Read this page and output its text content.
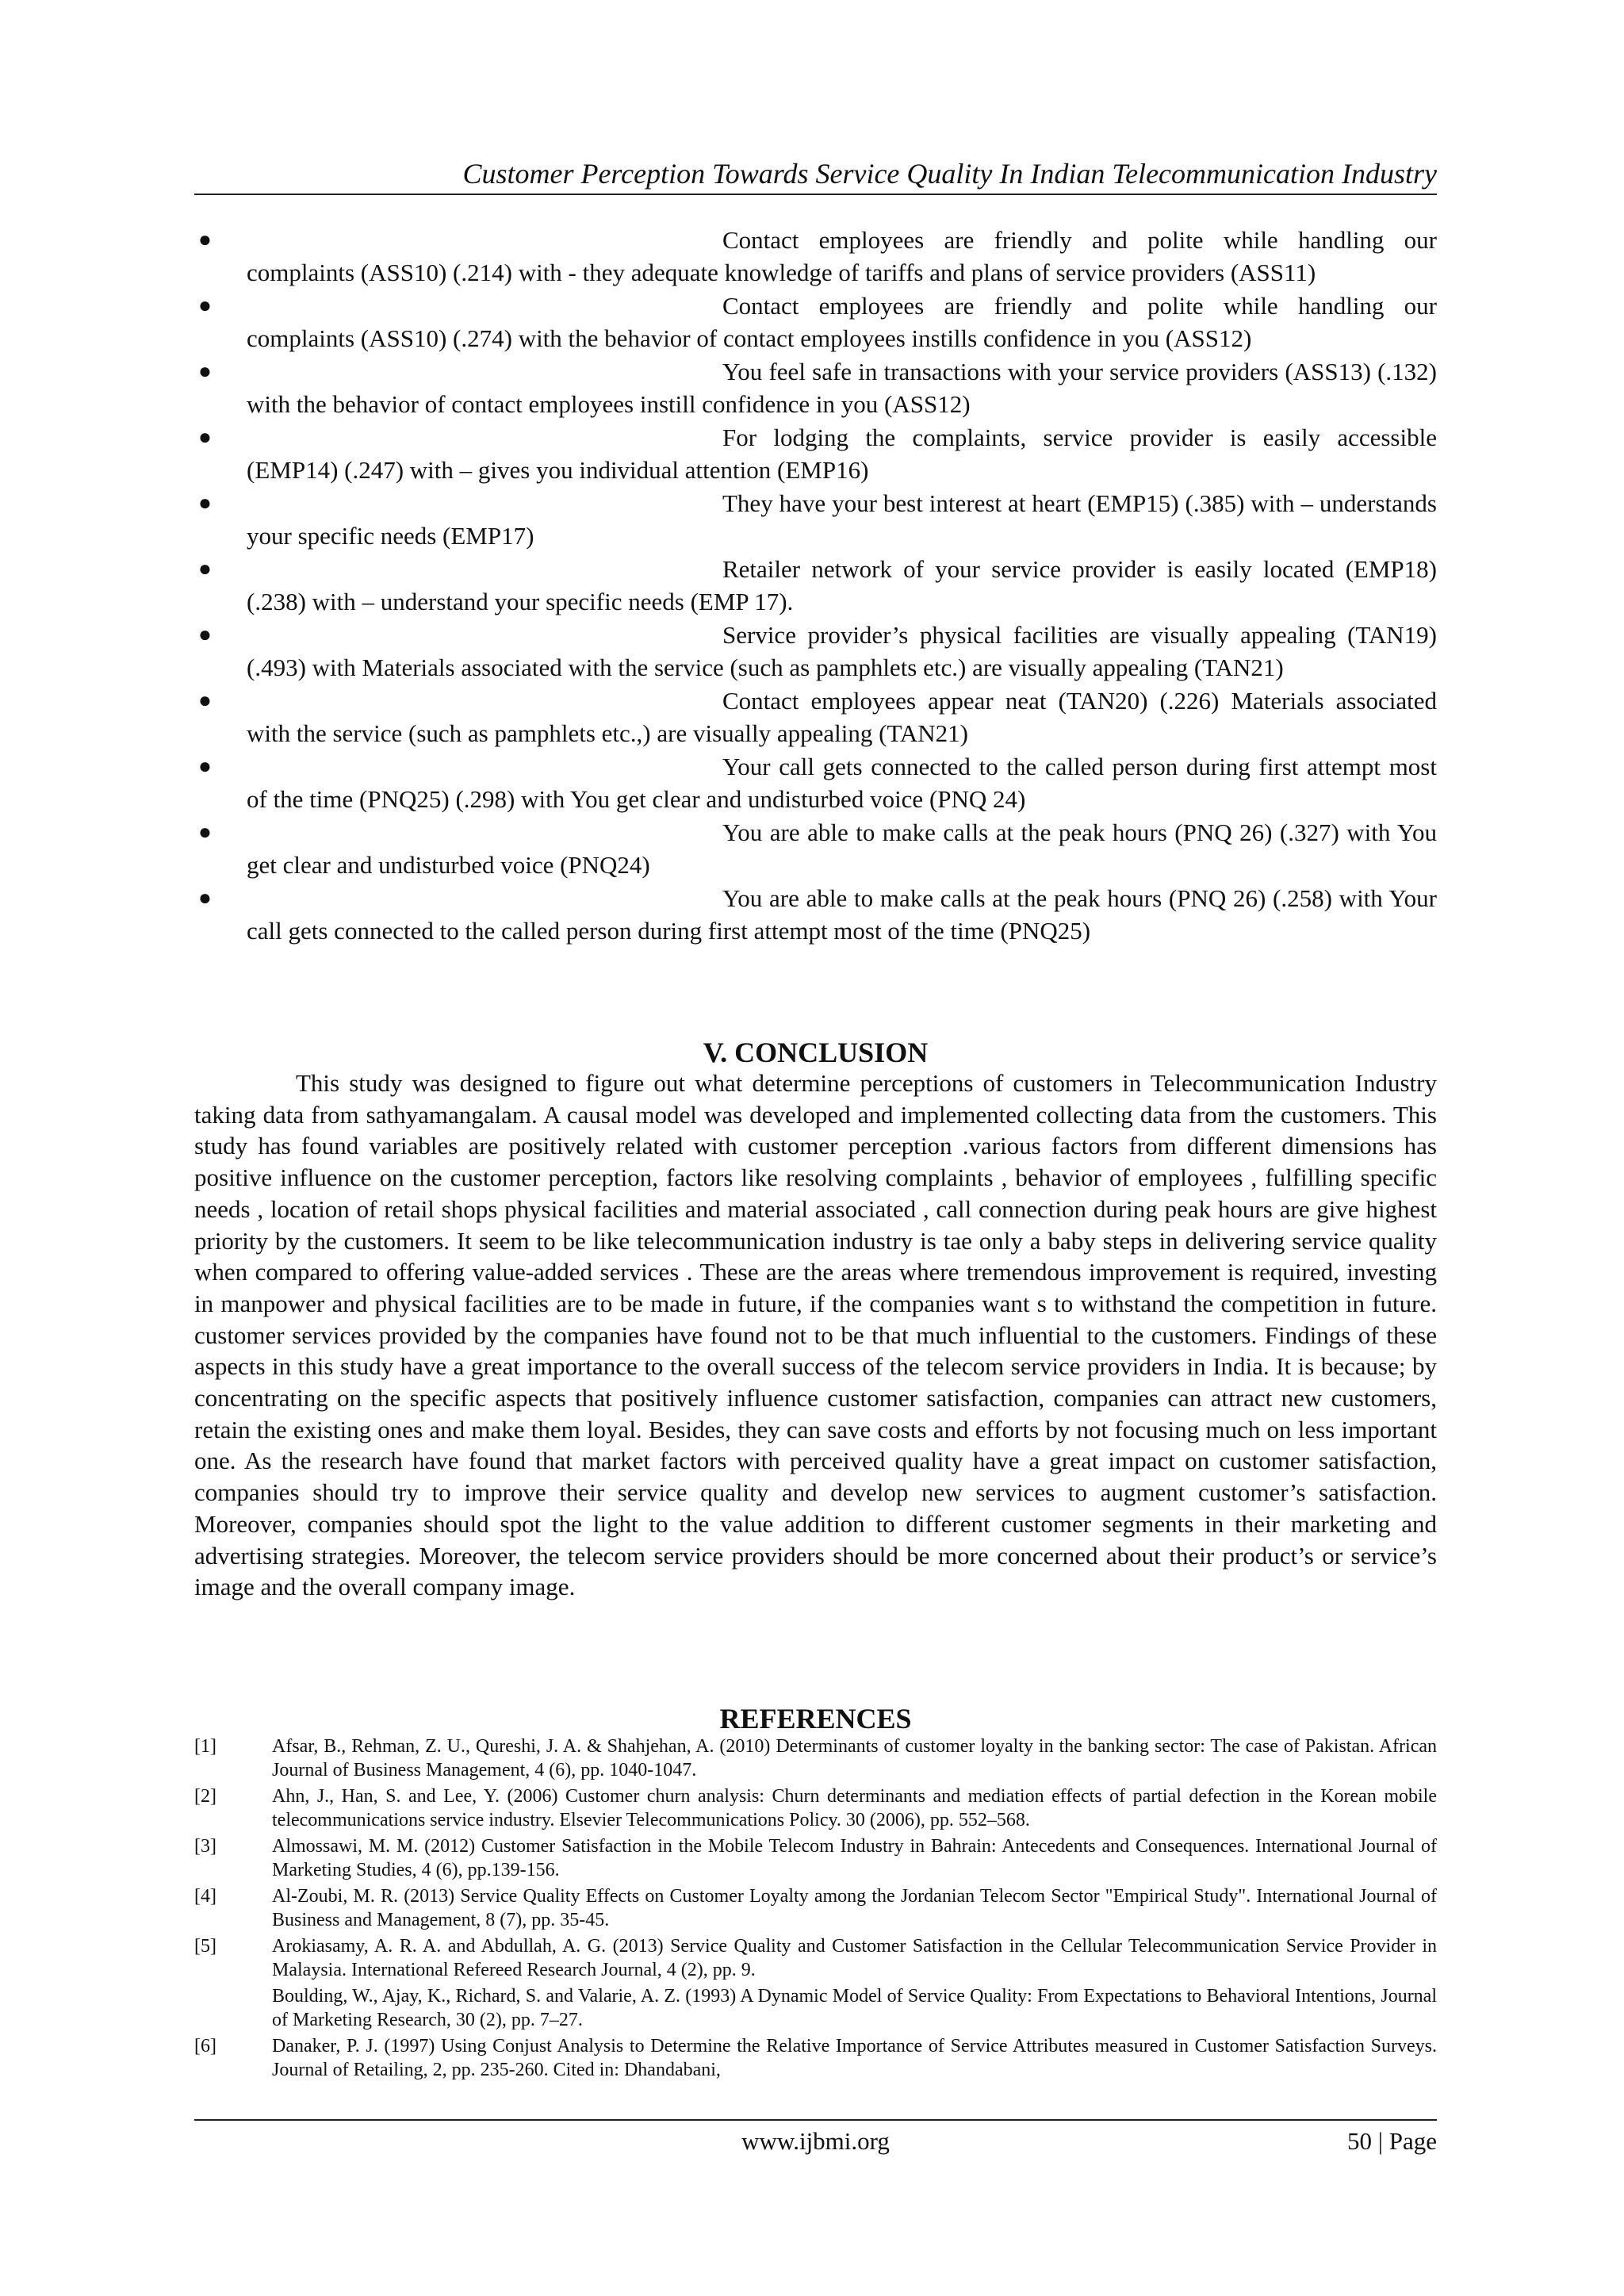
Customer Perception Towards Service Quality In Indian Telecommunication Industry
●	Contact employees are friendly and polite while handling our complaints (ASS10) (.214) with - they adequate knowledge of tariffs and plans of service providers (ASS11)
●	Contact employees are friendly and polite while handling our complaints (ASS10) (.274) with the behavior of contact employees instills confidence in you (ASS12)
●	You feel safe in transactions with your service providers (ASS13) (.132) with the behavior of contact employees instill confidence in you (ASS12)
●	For lodging the complaints, service provider is easily accessible (EMP14) (.247) with – gives you individual attention (EMP16)
●	They have your best interest at heart (EMP15) (.385) with – understands your specific needs (EMP17)
●	Retailer network of your service provider is easily located (EMP18) (.238) with – understand your specific needs (EMP 17).
●	Service provider’s physical facilities are visually appealing (TAN19) (.493) with Materials associated with the service (such as pamphlets etc.) are visually appealing (TAN21)
●	Contact employees appear neat (TAN20) (.226) Materials associated with the service (such as pamphlets etc.,) are visually appealing (TAN21)
●	Your call gets connected to the called person during first attempt most of the time (PNQ25) (.298) with You get clear and undisturbed voice (PNQ 24)
●	You are able to make calls at the peak hours (PNQ 26) (.327) with You get clear and undisturbed voice (PNQ24)
●	You are able to make calls at the peak hours (PNQ 26) (.258) with Your call gets connected to the called person during first attempt most of the time (PNQ25)
V. CONCLUSION

This study was designed to figure out what determine perceptions of customers in Telecommunication Industry taking data from sathyamangalam. A causal model was developed and implemented collecting data from the customers. This study has found variables are positively related with customer perception .various factors from different dimensions has positive influence on the customer perception, factors like resolving complaints , behavior of employees , fulfilling specific needs , location of retail shops physical facilities and material associated , call connection during peak hours are give highest priority by the customers. It seem to be like telecommunication industry is tae only a baby steps in delivering service quality when compared to offering value-added services . These are the areas where tremendous improvement is required, investing in manpower and physical facilities are to be made in future, if the companies want s to withstand the competition in future. customer services provided by the companies have found not to be that much influential to the customers. Findings of these aspects in this study have a great importance to the overall success of the telecom service providers in India. It is because; by concentrating on the specific aspects that positively influence customer satisfaction, companies can attract new customers, retain the existing ones and make them loyal. Besides, they can save costs and efforts by not focusing much on less important one. As the research have found that market factors with perceived quality have a great impact on customer satisfaction, companies should try to improve their service quality and develop new services to augment customer’s satisfaction. Moreover, companies should spot the light to the value addition to different customer segments in their marketing and advertising strategies. Moreover, the telecom service providers should be more concerned about their product’s or service’s image and the overall company image.

REFERENCES
[1]	Afsar, B., Rehman, Z. U., Qureshi, J. A. & Shahjehan, A. (2010) Determinants of customer loyalty in the banking sector: The case of Pakistan. African Journal of Business Management, 4 (6), pp. 1040-1047.
[2]	Ahn, J., Han, S. and Lee, Y. (2006) Customer churn analysis: Churn determinants and mediation effects of partial defection in the Korean mobile telecommunications service industry. Elsevier Telecommunications Policy. 30 (2006), pp. 552–568.
[3]	Almossawi, M. M. (2012) Customer Satisfaction in the Mobile Telecom Industry in Bahrain: Antecedents and Consequences. International Journal of Marketing Studies, 4 (6), pp.139-156.
[4]	Al-Zoubi, M. R. (2013) Service Quality Effects on Customer Loyalty among the Jordanian Telecom Sector "Empirical Study". International Journal of Business and Management, 8 (7), pp. 35-45.
[5]	Arokiasamy, A. R. A. and Abdullah, A. G. (2013) Service Quality and Customer Satisfaction in the Cellular Telecommunication Service Provider in Malaysia. International Refereed Research Journal, 4 (2), pp. 9.
Boulding, W., Ajay, K., Richard, S. and Valarie, A. Z. (1993) A Dynamic Model of Service Quality: From Expectations to Behavioral Intentions, Journal of Marketing Research, 30 (2), pp. 7–27.
[6]	Danaker, P. J. (1997) Using Conjust Analysis to Determine the Relative Importance of Service Attributes measured in Customer Satisfaction Surveys. Journal of Retailing, 2, pp. 235-260. Cited in: Dhandabani,
www.ijbmi.org	50 | Page
